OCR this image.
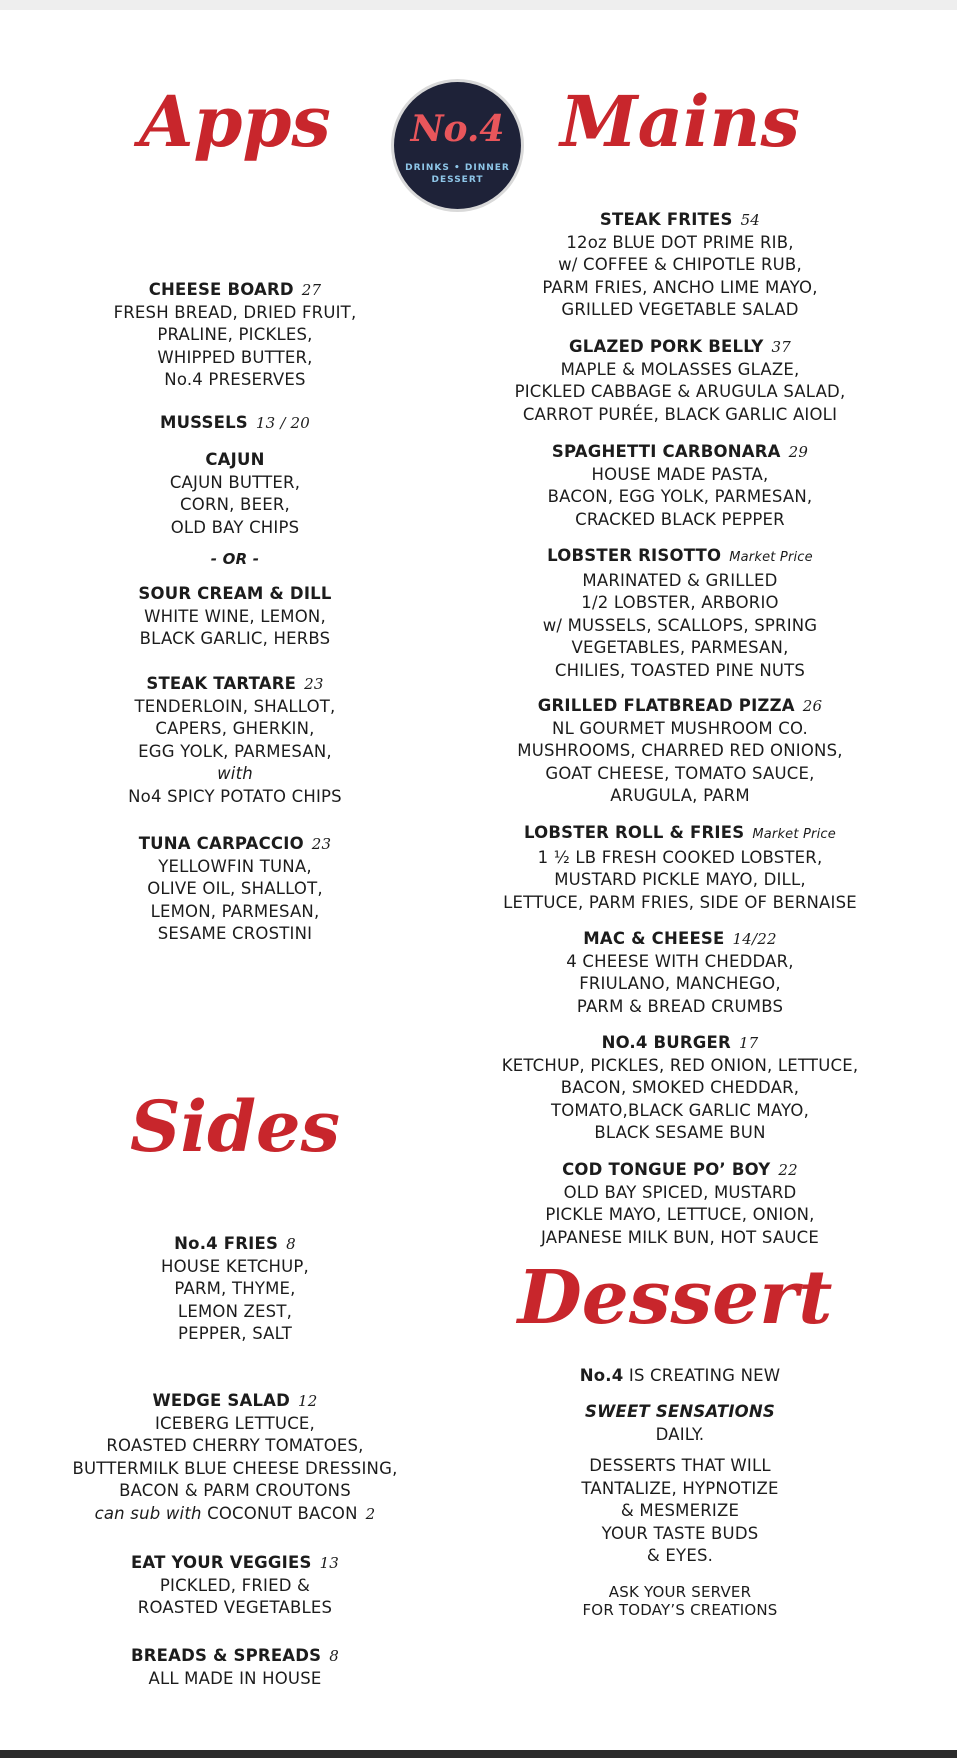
Apps	Mains
Sides
Dessert
No.4
DRINKS • DINNER
DESSERT
CHEESE BOARD 27
FRESH BREAD, DRIED FRUIT,
PRALINE, PICKLES,
WHIPPED BUTTER,
No.4 PRESERVES
MUSSELS 13 / 20
CAJUN
CAJUN BUTTER,
CORN, BEER,
OLD BAY CHIPS
- OR -
SOUR CREAM & DILL
WHITE WINE, LEMON,
BLACK GARLIC, HERBS
STEAK TARTARE 23
TENDERLOIN, SHALLOT,
CAPERS, GHERKIN,
EGG YOLK, PARMESAN,
with
No4 SPICY POTATO CHIPS
TUNA CARPACCIO 23
YELLOWFIN TUNA,
OLIVE OIL, SHALLOT,
LEMON, PARMESAN,
SESAME CROSTINI
No.4 FRIES 8
HOUSE KETCHUP,
PARM, THYME,
LEMON ZEST,
PEPPER, SALT
WEDGE SALAD 12
ICEBERG LETTUCE,
ROASTED CHERRY TOMATOES,
BUTTERMILK BLUE CHEESE DRESSING,
BACON & PARM CROUTONS
can sub with COCONUT BACON 2
EAT YOUR VEGGIES 13
PICKLED, FRIED &
ROASTED VEGETABLES
BREADS & SPREADS 8
ALL MADE IN HOUSE
STEAK FRITES 54
12oz BLUE DOT PRIME RIB,
w/ COFFEE & CHIPOTLE RUB,
PARM FRIES, ANCHO LIME MAYO,
GRILLED VEGETABLE SALAD
GLAZED PORK BELLY 37
MAPLE & MOLASSES GLAZE,
PICKLED CABBAGE & ARUGULA SALAD,
CARROT PURÉE, BLACK GARLIC AIOLI
SPAGHETTI CARBONARA 29
HOUSE MADE PASTA,
BACON, EGG YOLK, PARMESAN,
CRACKED BLACK PEPPER
LOBSTER RISOTTO Market Price
MARINATED & GRILLED
1/2 LOBSTER, ARBORIO
w/ MUSSELS, SCALLOPS, SPRING
VEGETABLES, PARMESAN,
CHILIES, TOASTED PINE NUTS
GRILLED FLATBREAD PIZZA 26
NL GOURMET MUSHROOM CO.
MUSHROOMS, CHARRED RED ONIONS,
GOAT CHEESE, TOMATO SAUCE,
ARUGULA, PARM
LOBSTER ROLL & FRIES Market Price
1 ½ LB FRESH COOKED LOBSTER,
MUSTARD PICKLE MAYO, DILL,
LETTUCE, PARM FRIES, SIDE OF BERNAISE
MAC & CHEESE 14/22
4 CHEESE WITH CHEDDAR,
FRIULANO, MANCHEGO,
PARM & BREAD CRUMBS
NO.4 BURGER 17
KETCHUP, PICKLES, RED ONION, LETTUCE,
BACON, SMOKED CHEDDAR,
TOMATO,BLACK GARLIC MAYO,
BLACK SESAME BUN
COD TONGUE PO’ BOY 22
OLD BAY SPICED, MUSTARD
PICKLE MAYO, LETTUCE, ONION,
JAPANESE MILK BUN, HOT SAUCE
No.4 IS CREATING NEW
SWEET SENSATIONS
DAILY.
DESSERTS THAT WILL
TANTALIZE, HYPNOTIZE
& MESMERIZE
YOUR TASTE BUDS
& EYES.
ASK YOUR SERVER
FOR TODAY’S CREATIONS
